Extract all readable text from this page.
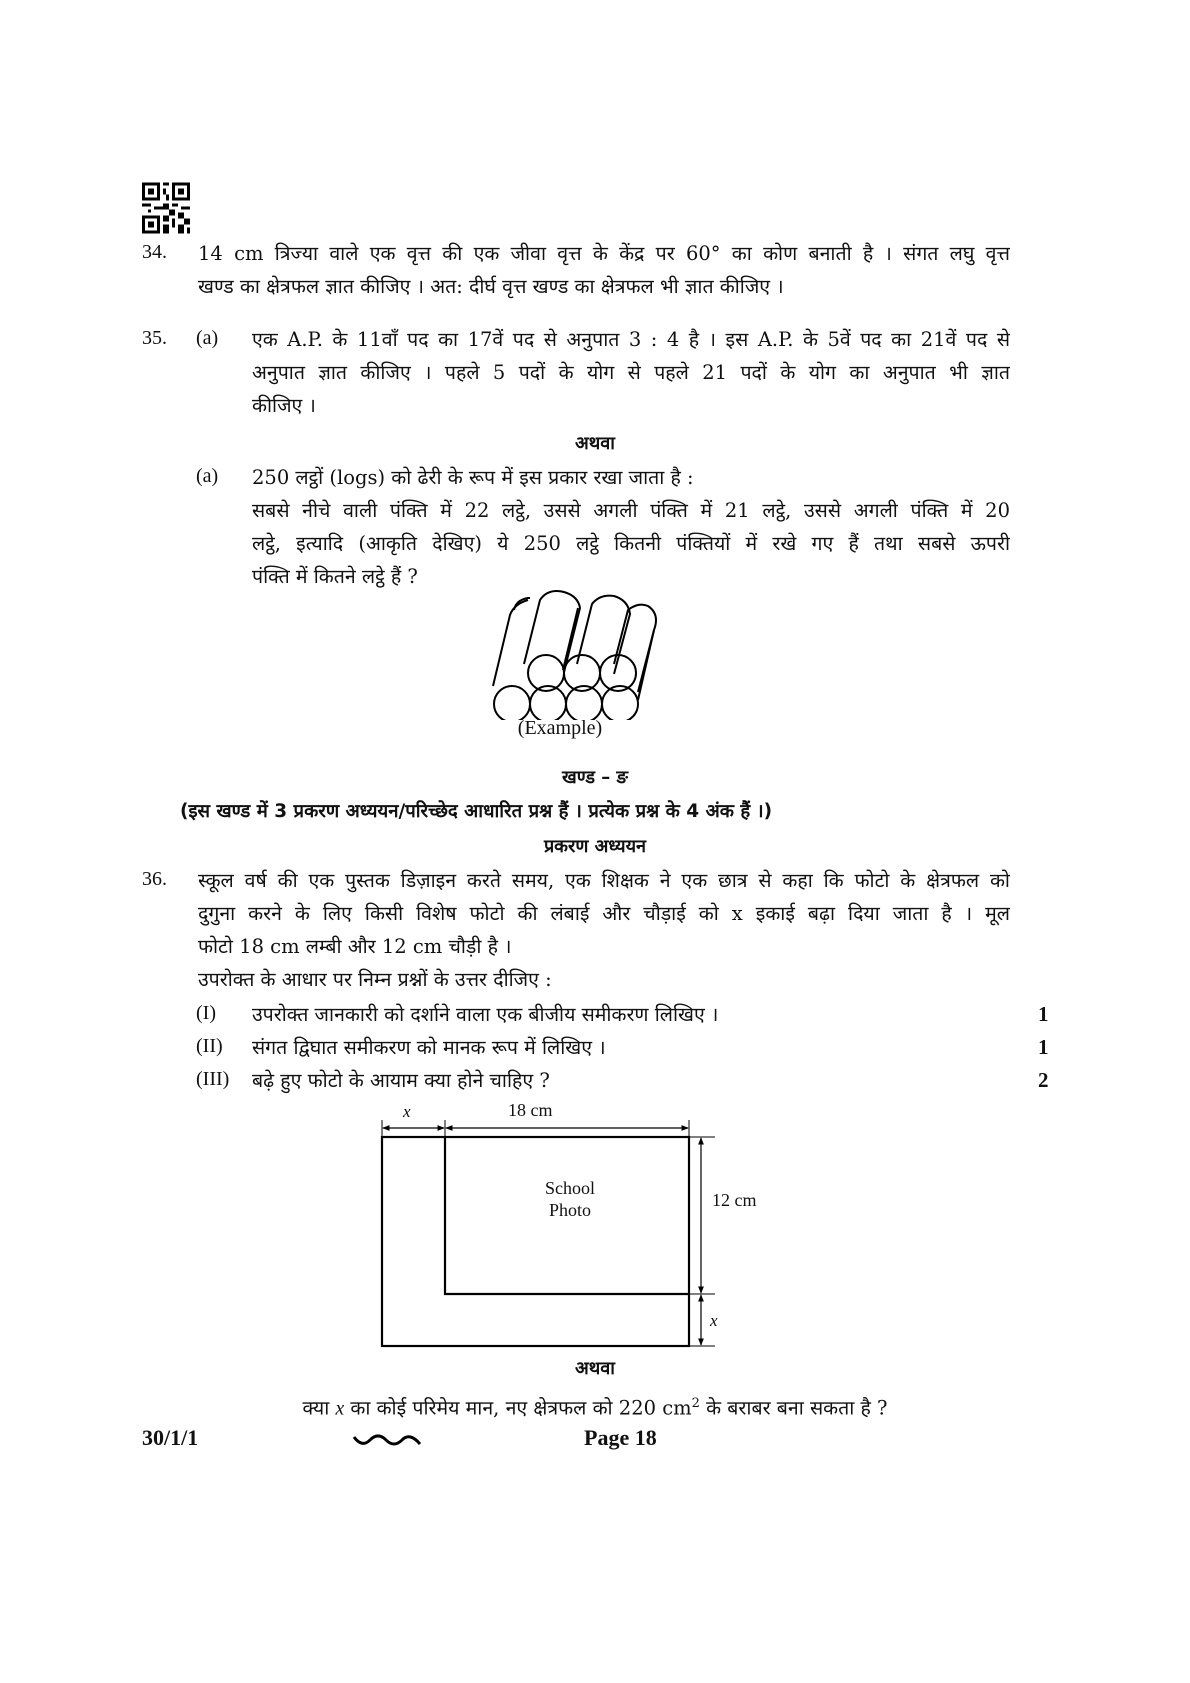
34. 14 cm त्रिज्या वाले एक वृत्त की एक जीवा वृत्त के केंद्र पर 60° का कोण बनाती है । संगत लघु वृत्त
खण्ड का क्षेत्रफल ज्ञात कीजिए । अत: दीर्घ वृत्त खण्ड का क्षेत्रफल भी ज्ञात कीजिए ।
35. (a) एक A.P. के 11वाँ पद का 17वें पद से अनुपात 3 : 4 है । इस A.P. के 5वें पद का 21वें पद से
अनुपात ज्ञात कीजिए । पहले 5 पदों के योग से पहले 21 पदों के योग का अनुपात भी ज्ञात
कीजिए ।
अथवा
(a) 250 लट्ठों (logs) को ढेरी के रूप में इस प्रकार रखा जाता है :
सबसे नीचे वाली पंक्ति में 22 लट्ठे, उससे अगली पंक्ति में 21 लट्ठे, उससे अगली पंक्ति में 20
लट्ठे, इत्यादि (आकृति देखिए) ये 250 लट्ठे कितनी पंक्तियों में रखे गए हैं तथा सबसे ऊपरी
पंक्ति में कितने लट्ठे हैं ?
(Example)
खण्ड – ङ
(इस खण्ड में 3 प्रकरण अध्ययन/परिच्छेद आधारित प्रश्न हैं । प्रत्येक प्रश्न के 4 अंक हैं ।)
प्रकरण अध्ययन
36. स्कूल वर्ष की एक पुस्तक डिज़ाइन करते समय, एक शिक्षक ने एक छात्र से कहा कि फोटो के क्षेत्रफल को
दुगुना करने के लिए किसी विशेष फोटो की लंबाई और चौड़ाई को x इकाई बढ़ा दिया जाता है । मूल
फोटो 18 cm लम्बी और 12 cm चौड़ी है ।
उपरोक्त के आधार पर निम्न प्रश्नों के उत्तर दीजिए :
(I) उपरोक्त जानकारी को दर्शाने वाला एक बीजीय समीकरण लिखिए ।	1
(II) संगत द्विघात समीकरण को मानक रूप में लिखिए ।	1
(III) बढ़े हुए फोटो के आयाम क्या होने चाहिए ?	2
x	18 cm
12 cm
x
School
Photo
अथवा
क्या x का कोई परिमेय मान, नए क्षेत्रफल को 220 $cm^2$ के बराबर बना सकता है ?
30/1/1	Page 18
